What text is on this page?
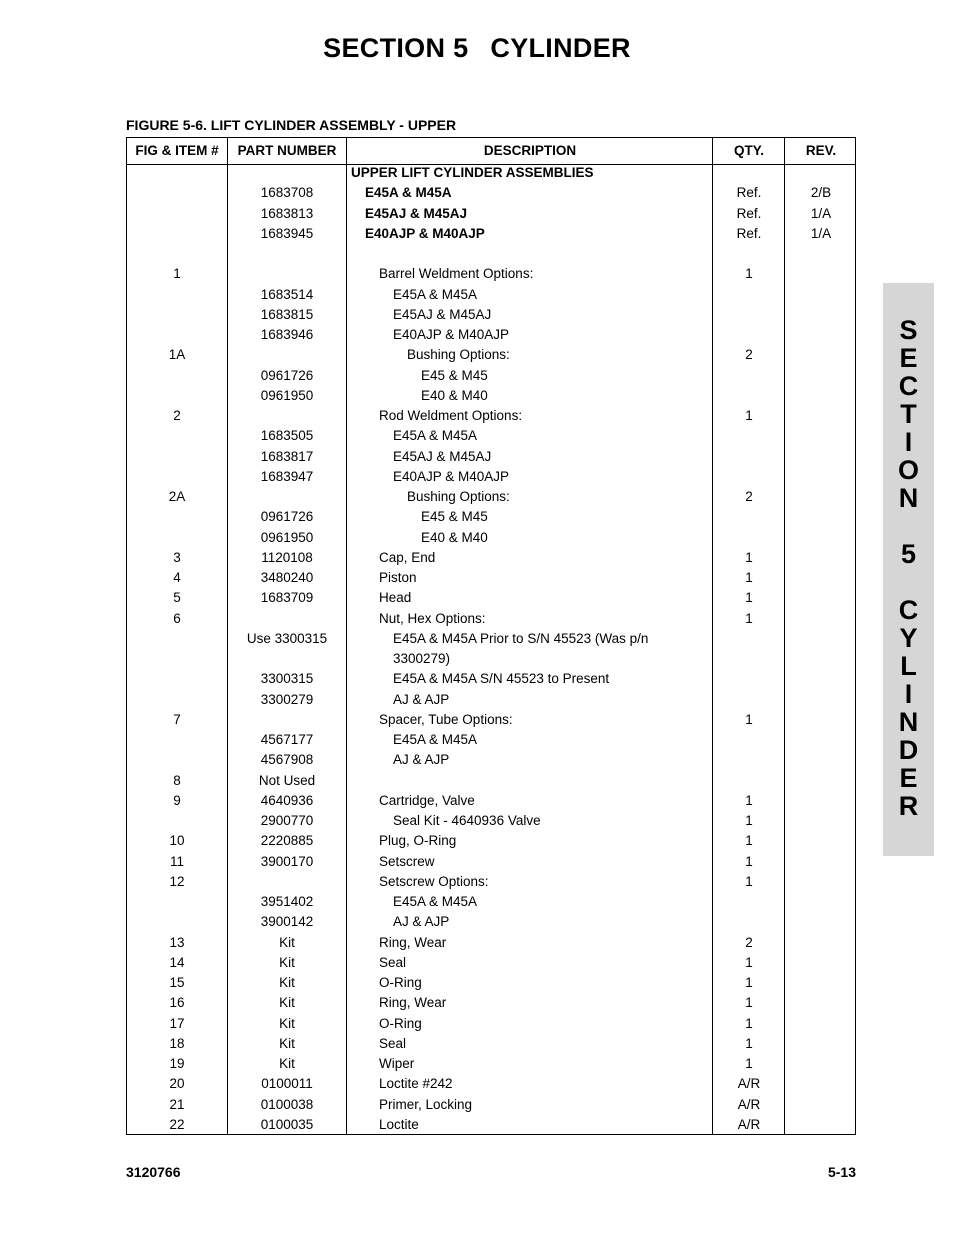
SECTION 5 CYLINDER
FIGURE 5-6. LIFT CYLINDER ASSEMBLY - UPPER
FIG & ITEM #	PART NUMBER	DESCRIPTION	QTY.	REV.
UPPER LIFT CYLINDER ASSEMBLIES
1683708	E45A & M45A	Ref.	2/B
1683813	E45AJ & M45AJ	Ref.	1/A
1683945	E40AJP & M40AJP	Ref.	1/A
1	Barrel Weldment Options:	1
1683514	E45A & M45A
1683815	E45AJ & M45AJ
1683946	E40AJP & M40AJP
1A	Bushing Options:	2
0961726	E45 & M45
0961950	E40 & M40
2	Rod Weldment Options:	1
1683505	E45A & M45A
1683817	E45AJ & M45AJ
1683947	E40AJP & M40AJP
2A	Bushing Options:	2
0961726	E45 & M45
0961950	E40 & M40
3	1120108	Cap, End	1
4	3480240	Piston	1
5	1683709	Head	1
6	Nut, Hex Options:	1
Use 3300315	E45A & M45A Prior to S/N 45523 (Was p/n
3300279)
3300315	E45A & M45A S/N 45523 to Present
3300279	AJ & AJP
7	Spacer, Tube Options:	1
4567177	E45A & M45A
4567908	AJ & AJP
8	Not Used
9	4640936	Cartridge, Valve	1
2900770	Seal Kit - 4640936 Valve	1
10	2220885	Plug, O-Ring	1
11	3900170	Setscrew	1
12	Setscrew Options:	1
3951402	E45A & M45A
3900142	AJ & AJP
13	Kit	Ring, Wear	2
14	Kit	Seal	1
15	Kit	O-Ring	1
16	Kit	Ring, Wear	1
17	Kit	O-Ring	1
18	Kit	Seal	1
19	Kit	Wiper	1
20	0100011	Loctite #242	A/R
21	0100038	Primer, Locking	A/R
22	0100035	Loctite	A/R
S
E
C
T
I
O
N
5
C
Y
L
I
N
D
E
R
3120766	5-13
